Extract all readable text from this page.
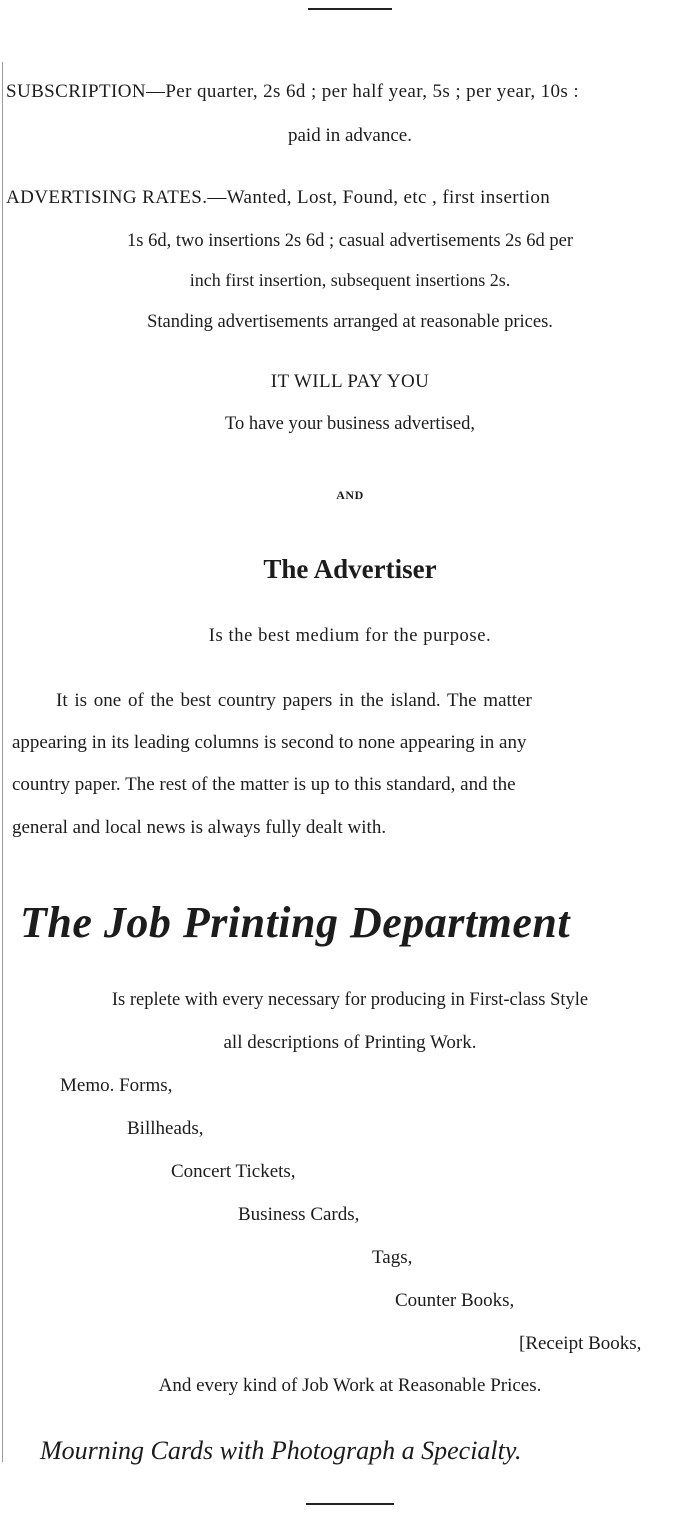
SUBSCRIPTION—Per quarter, 2s 6d ; per half year, 5s ; per year, 10s :
paid in advance.
ADVERTISING RATES.—Wanted, Lost, Found, etc , first insertion
1s 6d, two insertions 2s 6d ; casual advertisements 2s 6d per
inch first insertion, subsequent insertions 2s.
Standing advertisements arranged at reasonable prices.
IT WILL PAY YOU
To have your business advertised,
AND
The Advertiser
Is the best medium for the purpose.
It is one of the best country papers in the island. The matter
appearing in its leading columns is second to none appearing in any
country paper. The rest of the matter is up to this standard, and the
general and local news is always fully dealt with.
The Job Printing Department
Is replete with every necessary for producing in First-class Style
all descriptions of Printing Work.
Memo. Forms,
Billheads,
Concert Tickets,
Business Cards,
Tags,
Counter Books,
[Receipt Books,
And every kind of Job Work at Reasonable Prices.
Mourning Cards with Photograph a Specialty.
